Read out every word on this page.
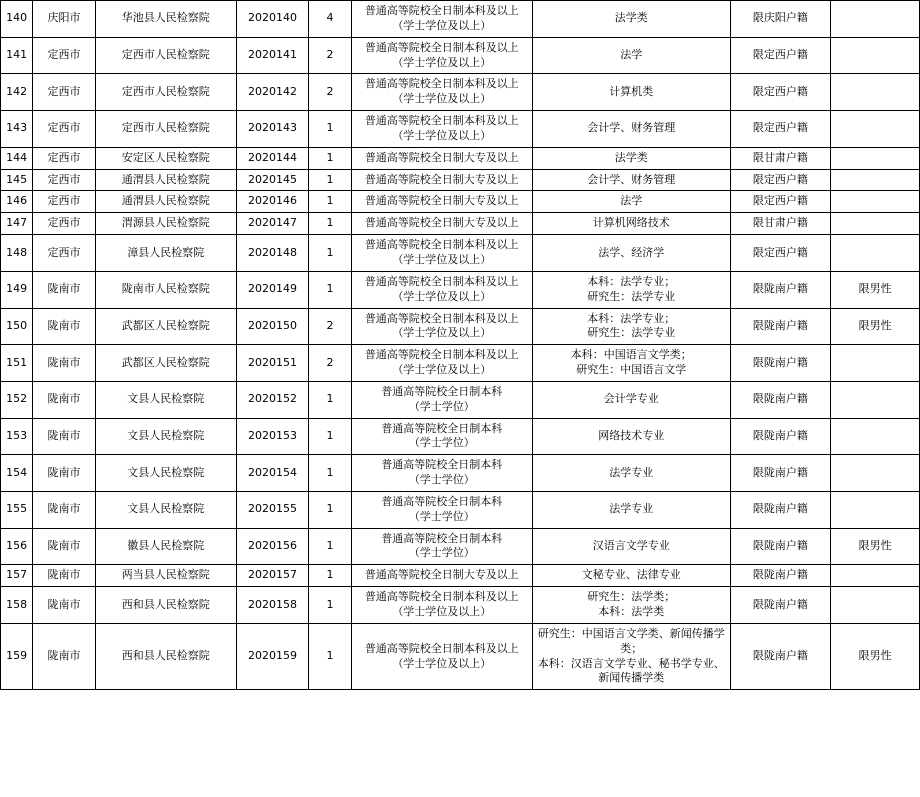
140	庆阳市	华池县人民检察院	2020140	4	普通高等院校全日制本科及以上
（学士学位及以上）	法学类	限庆阳户籍	
141	定西市	定西市人民检察院	2020141	2	普通高等院校全日制本科及以上
（学士学位及以上）	法学	限定西户籍	
142	定西市	定西市人民检察院	2020142	2	普通高等院校全日制本科及以上
（学士学位及以上）	计算机类	限定西户籍	
143	定西市	定西市人民检察院	2020143	1	普通高等院校全日制本科及以上
（学士学位及以上）	会计学、财务管理	限定西户籍	
144	定西市	安定区人民检察院	2020144	1	普通高等院校全日制大专及以上	法学类	限甘肃户籍	
145	定西市	通渭县人民检察院	2020145	1	普通高等院校全日制大专及以上	会计学、财务管理	限定西户籍	
146	定西市	通渭县人民检察院	2020146	1	普通高等院校全日制大专及以上	法学	限定西户籍	
147	定西市	渭源县人民检察院	2020147	1	普通高等院校全日制大专及以上	计算机网络技术	限甘肃户籍	
148	定西市	漳县人民检察院	2020148	1	普通高等院校全日制本科及以上
（学士学位及以上）	法学、经济学	限定西户籍	
149	陇南市	陇南市人民检察院	2020149	1	普通高等院校全日制本科及以上
（学士学位及以上）	本科：法学专业；
研究生：法学专业	限陇南户籍	限男性
150	陇南市	武都区人民检察院	2020150	2	普通高等院校全日制本科及以上
（学士学位及以上）	本科：法学专业；
研究生：法学专业	限陇南户籍	限男性
151	陇南市	武都区人民检察院	2020151	2	普通高等院校全日制本科及以上
（学士学位及以上）	本科：中国语言文学类；
研究生：中国语言文学	限陇南户籍	
152	陇南市	文县人民检察院	2020152	1	普通高等院校全日制本科
（学士学位）	会计学专业	限陇南户籍	
153	陇南市	文县人民检察院	2020153	1	普通高等院校全日制本科
（学士学位）	网络技术专业	限陇南户籍	
154	陇南市	文县人民检察院	2020154	1	普通高等院校全日制本科
（学士学位）	法学专业	限陇南户籍	
155	陇南市	文县人民检察院	2020155	1	普通高等院校全日制本科
（学士学位）	法学专业	限陇南户籍	
156	陇南市	徽县人民检察院	2020156	1	普通高等院校全日制本科
（学士学位）	汉语言文学专业	限陇南户籍	限男性
157	陇南市	两当县人民检察院	2020157	1	普通高等院校全日制大专及以上	文秘专业、法律专业	限陇南户籍	
158	陇南市	西和县人民检察院	2020158	1	普通高等院校全日制本科及以上
（学士学位及以上）	研究生：法学类；
本科：法学类	限陇南户籍	
159	陇南市	西和县人民检察院	2020159	1	普通高等院校全日制本科及以上
（学士学位及以上）	研究生：中国语言文学类、新闻传播学类；
本科：汉语言文学专业、秘书学专业、新闻传播学类	限陇南户籍	限男性
